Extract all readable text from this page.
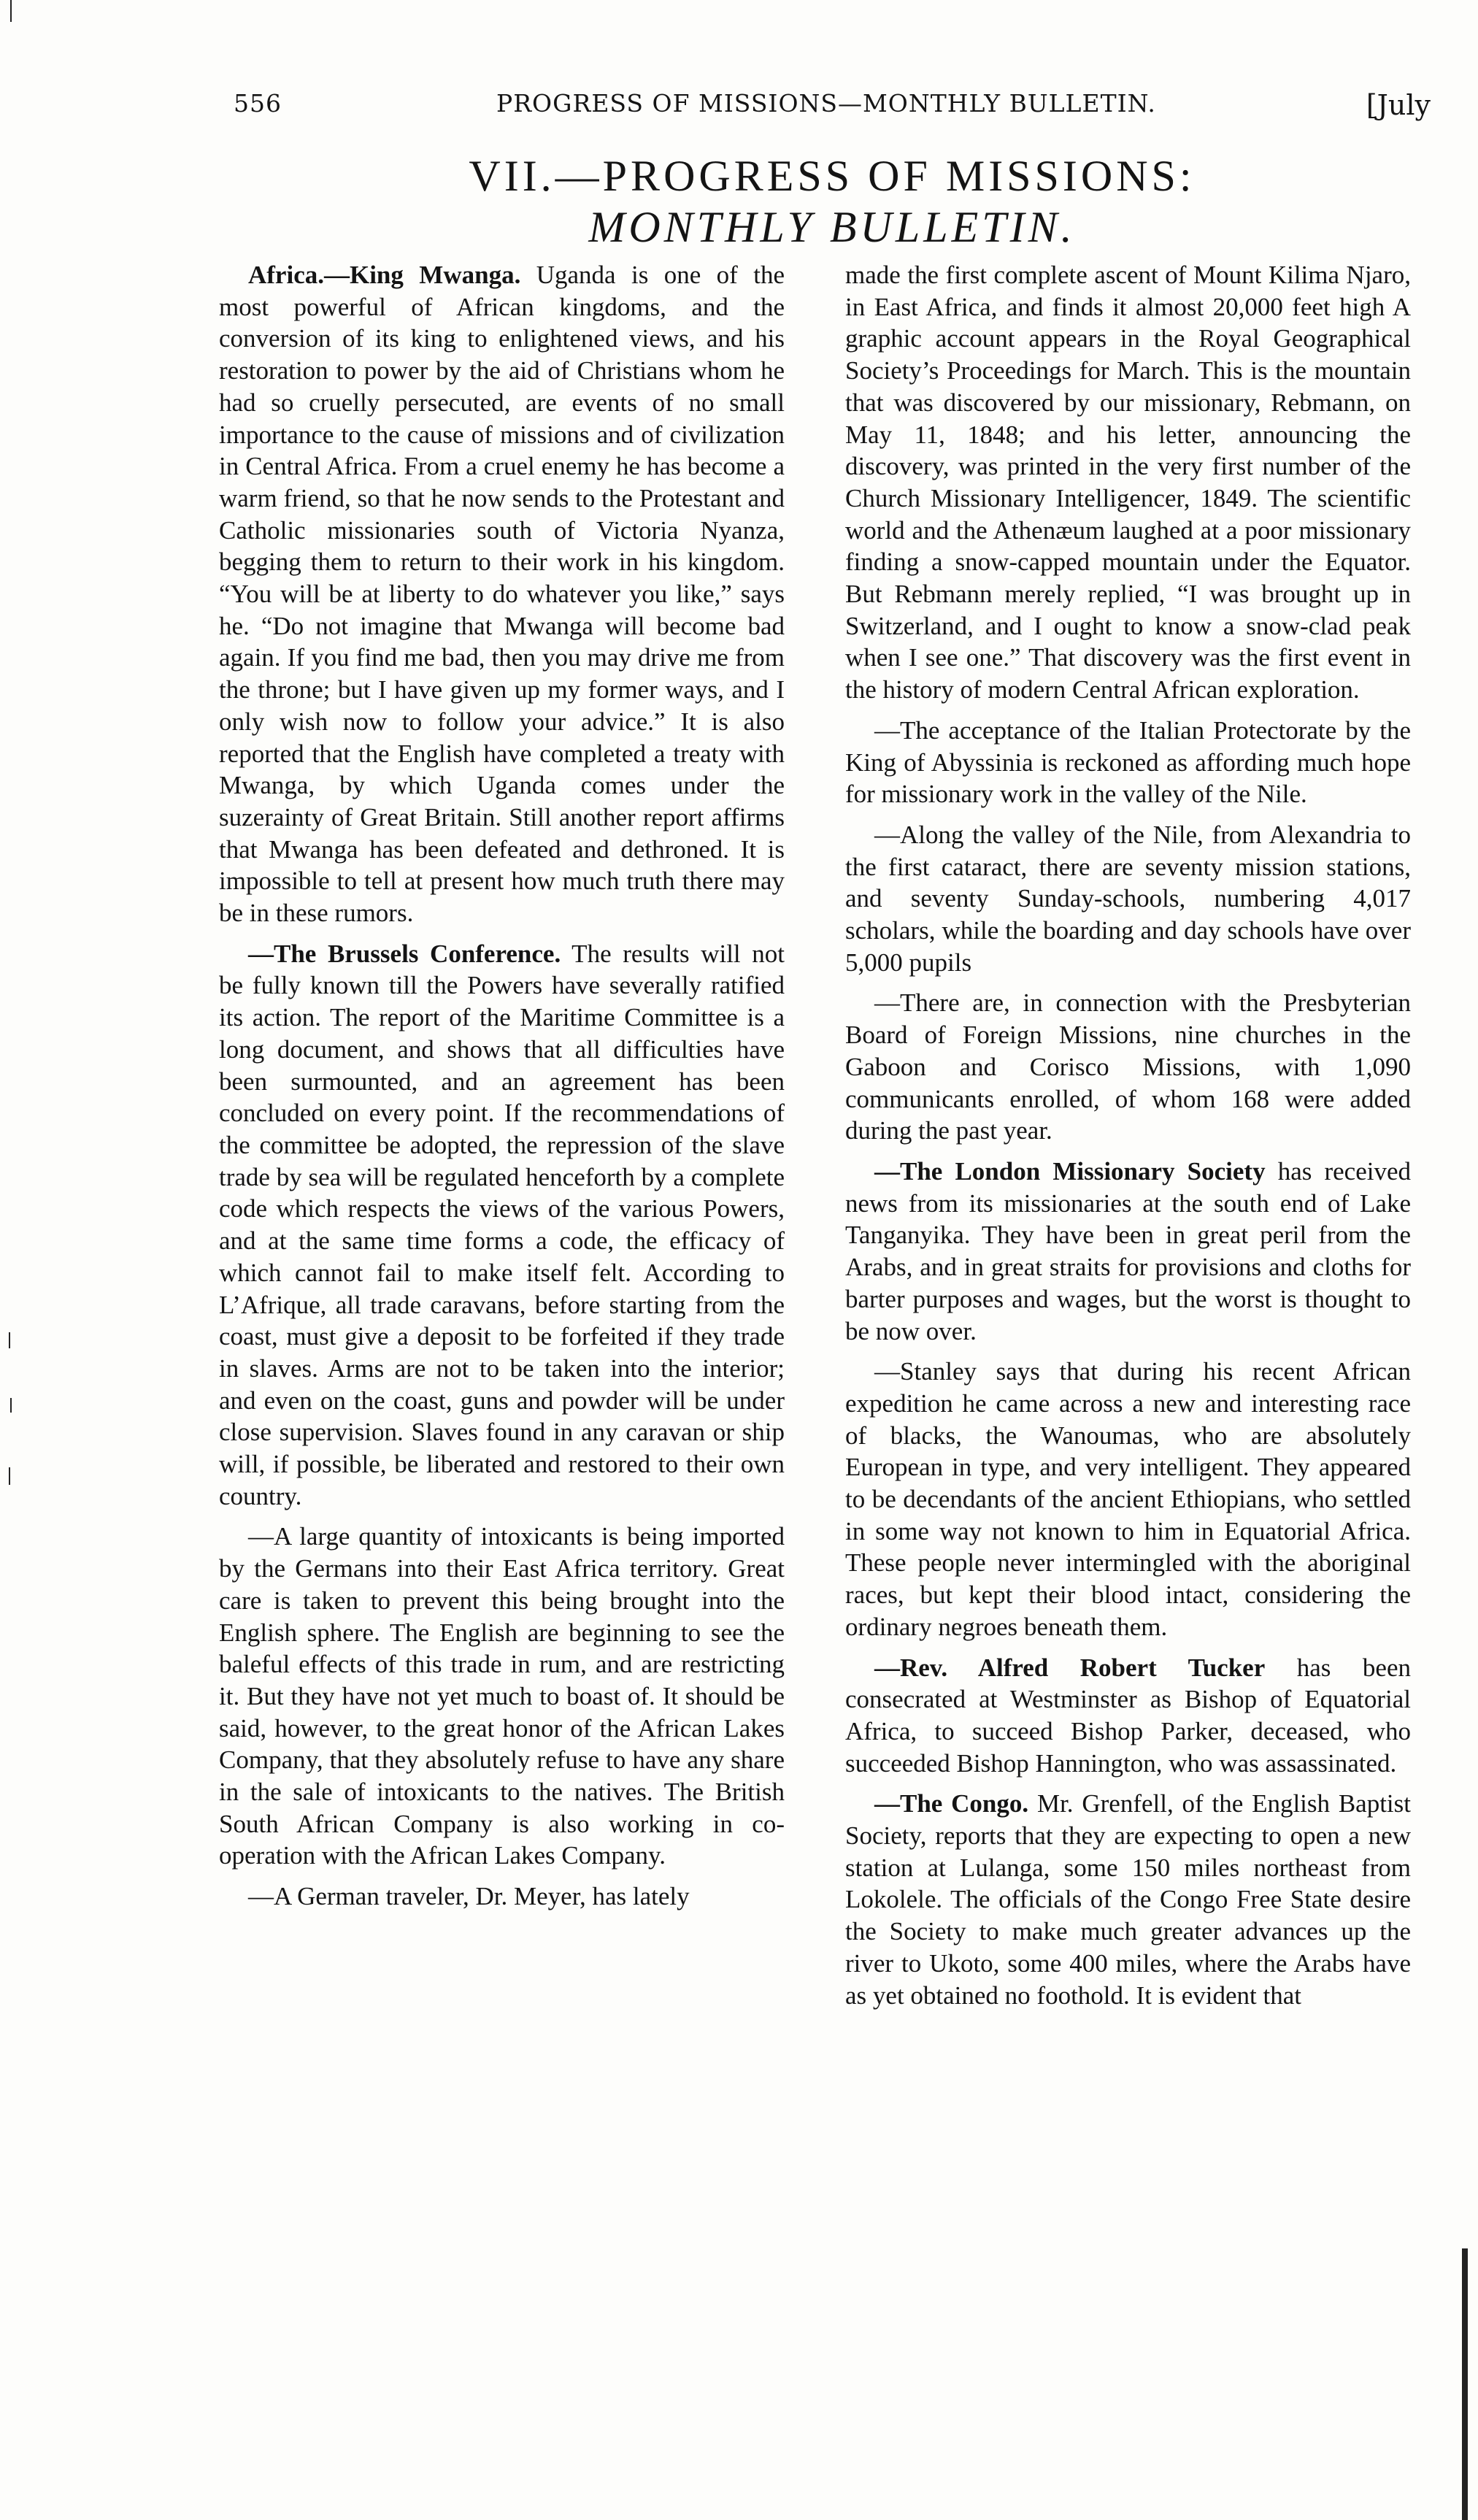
556	PROGRESS OF MISSIONS—MONTHLY BULLETIN.	[July
VII.—PROGRESS OF MISSIONS:
MONTHLY BULLETIN.

Africa.—King Mwanga. Uganda is one of the most powerful of African kingdoms, and the conversion of its king to enlightened views, and his restoration to power by the aid of Christians whom he had so cruelly persecuted, are events of no small importance to the cause of missions and of civilization in Central Africa. From a cruel enemy he has become a warm friend, so that he now sends to the Protestant and Catholic missionaries south of Victoria Nyanza, begging them to return to their work in his kingdom. “You will be at liberty to do whatever you like,” says he. “Do not imagine that Mwanga will become bad again. If you find me bad, then you may drive me from the throne; but I have given up my former ways, and I only wish now to follow your advice.” It is also reported that the English have completed a treaty with Mwanga, by which Uganda comes under the suzerainty of Great Britain. Still another report affirms that Mwanga has been defeated and dethroned. It is impossible to tell at present how much truth there may be in these rumors.

—The Brussels Conference. The results will not be fully known till the Powers have severally ratified its action. The report of the Maritime Committee is a long document, and shows that all difficulties have been surmounted, and an agreement has been concluded on every point. If the recommendations of the committee be adopted, the repression of the slave trade by sea will be regulated henceforth by a complete code which respects the views of the various Powers, and at the same time forms a code, the efficacy of which cannot fail to make itself felt. According to L’Afrique, all trade caravans, before starting from the coast, must give a deposit to be forfeited if they trade in slaves. Arms are not to be taken into the interior; and even on the coast, guns and powder will be under close supervision. Slaves found in any caravan or ship will, if possible, be liberated and restored to their own country.

—A large quantity of intoxicants is being imported by the Germans into their East Africa territory. Great care is taken to prevent this being brought into the English sphere. The English are beginning to see the baleful effects of this trade in rum, and are restricting it. But they have not yet much to boast of. It should be said, however, to the great honor of the African Lakes Company, that they absolutely refuse to have any share in the sale of intoxicants to the natives. The British South African Company is also working in co-operation with the African Lakes Company.

—A German traveler, Dr. Meyer, has lately

made the first complete ascent of Mount Kilima Njaro, in East Africa, and finds it almost 20,000 feet high A graphic account appears in the Royal Geographical Society’s Proceedings for March. This is the mountain that was discovered by our missionary, Rebmann, on May 11, 1848; and his letter, announcing the discovery, was printed in the very first number of the Church Missionary Intelligencer, 1849. The scientific world and the Athenæum laughed at a poor missionary finding a snow-capped mountain under the Equator. But Rebmann merely replied, “I was brought up in Switzerland, and I ought to know a snow-clad peak when I see one.” That discovery was the first event in the history of modern Central African exploration.

—The acceptance of the Italian Protectorate by the King of Abyssinia is reckoned as affording much hope for missionary work in the valley of the Nile.

—Along the valley of the Nile, from Alexandria to the first cataract, there are seventy mission stations, and seventy Sunday-schools, numbering 4,017 scholars, while the boarding and day schools have over 5,000 pupils

—There are, in connection with the Presbyterian Board of Foreign Missions, nine churches in the Gaboon and Corisco Missions, with 1,090 communicants enrolled, of whom 168 were added during the past year.

—The London Missionary Society has received news from its missionaries at the south end of Lake Tanganyika. They have been in great peril from the Arabs, and in great straits for provisions and cloths for barter purposes and wages, but the worst is thought to be now over.

—Stanley says that during his recent African expedition he came across a new and interesting race of blacks, the Wanoumas, who are absolutely European in type, and very intelligent. They appeared to be decendants of the ancient Ethiopians, who settled in some way not known to him in Equatorial Africa. These people never intermingled with the aboriginal races, but kept their blood intact, considering the ordinary negroes beneath them.

—Rev. Alfred Robert Tucker has been consecrated at Westminster as Bishop of Equatorial Africa, to succeed Bishop Parker, deceased, who succeeded Bishop Hannington, who was assassinated.

—The Congo. Mr. Grenfell, of the English Baptist Society, reports that they are expecting to open a new station at Lulanga, some 150 miles northeast from Lokolele. The officials of the Congo Free State desire the Society to make much greater advances up the river to Ukoto, some 400 miles, where the Arabs have as yet obtained no foothold. It is evident that
